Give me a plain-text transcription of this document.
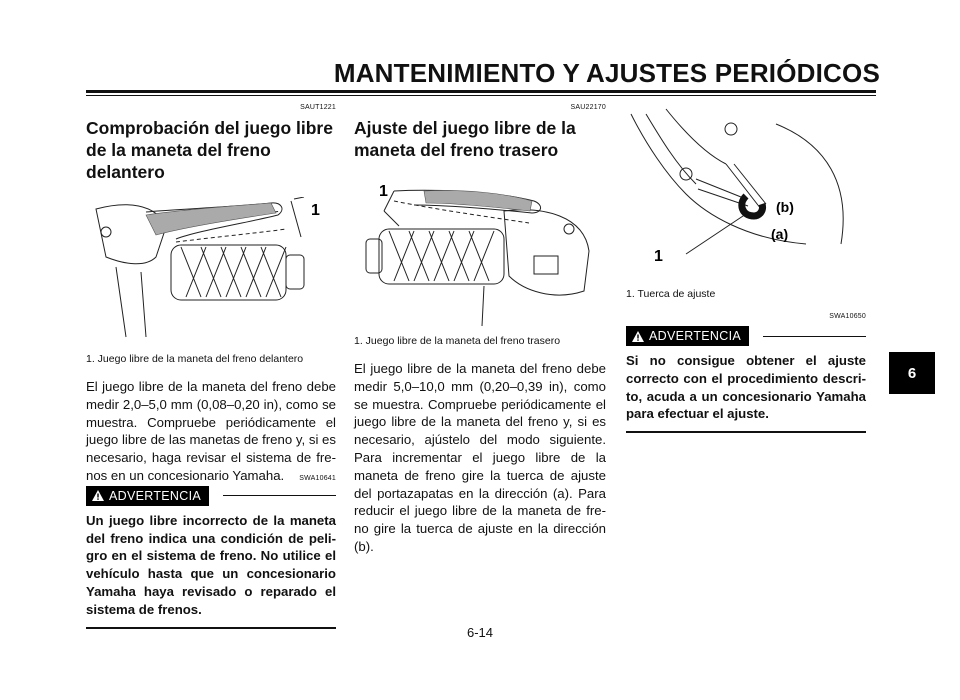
MANTENIMIENTO Y AJUSTES PERIÓDICOS
SAUT1221
Comprobación del juego libre de la maneta del freno delantero
1
1. Juego libre de la maneta del freno delantero

El juego libre de la maneta del freno debe medir 2,0–5,0 mm (0,08–0,20 in), como se muestra. Compruebe periódicamente el juego libre de las manetas de freno y, si es necesario, haga revisar el sistema de fre-nos en un concesionario Yamaha.	SWA10641
ADVERTENCIA

Un juego libre incorrecto de la maneta del freno indica una condición de peli-gro en el sistema de freno. No utilice el vehículo hasta que un concesionario Yamaha haya revisado o reparado el sistema de frenos.

SAU22170
Ajuste del juego libre de la maneta del freno trasero
1
1. Juego libre de la maneta del freno trasero

El juego libre de la maneta del freno debe medir 5,0–10,0 mm (0,20–0,39 in), como se muestra. Compruebe periódicamente el juego libre de la maneta del freno y, si es necesario, ajústelo del modo siguiente. Para incrementar el juego libre de la maneta de freno gire la tuerca de ajuste del portazapatas en la dirección (a). Para reducir el juego libre de la maneta de fre-no gire la tuerca de ajuste en la dirección (b).

(b)
(a)
1
1. Tuerca de ajuste
SWA10650
ADVERTENCIA

Si no consigue obtener el ajuste correcto con el procedimiento descri-to, acuda a un concesionario Yamaha para efectuar el ajuste.

6
6-14
